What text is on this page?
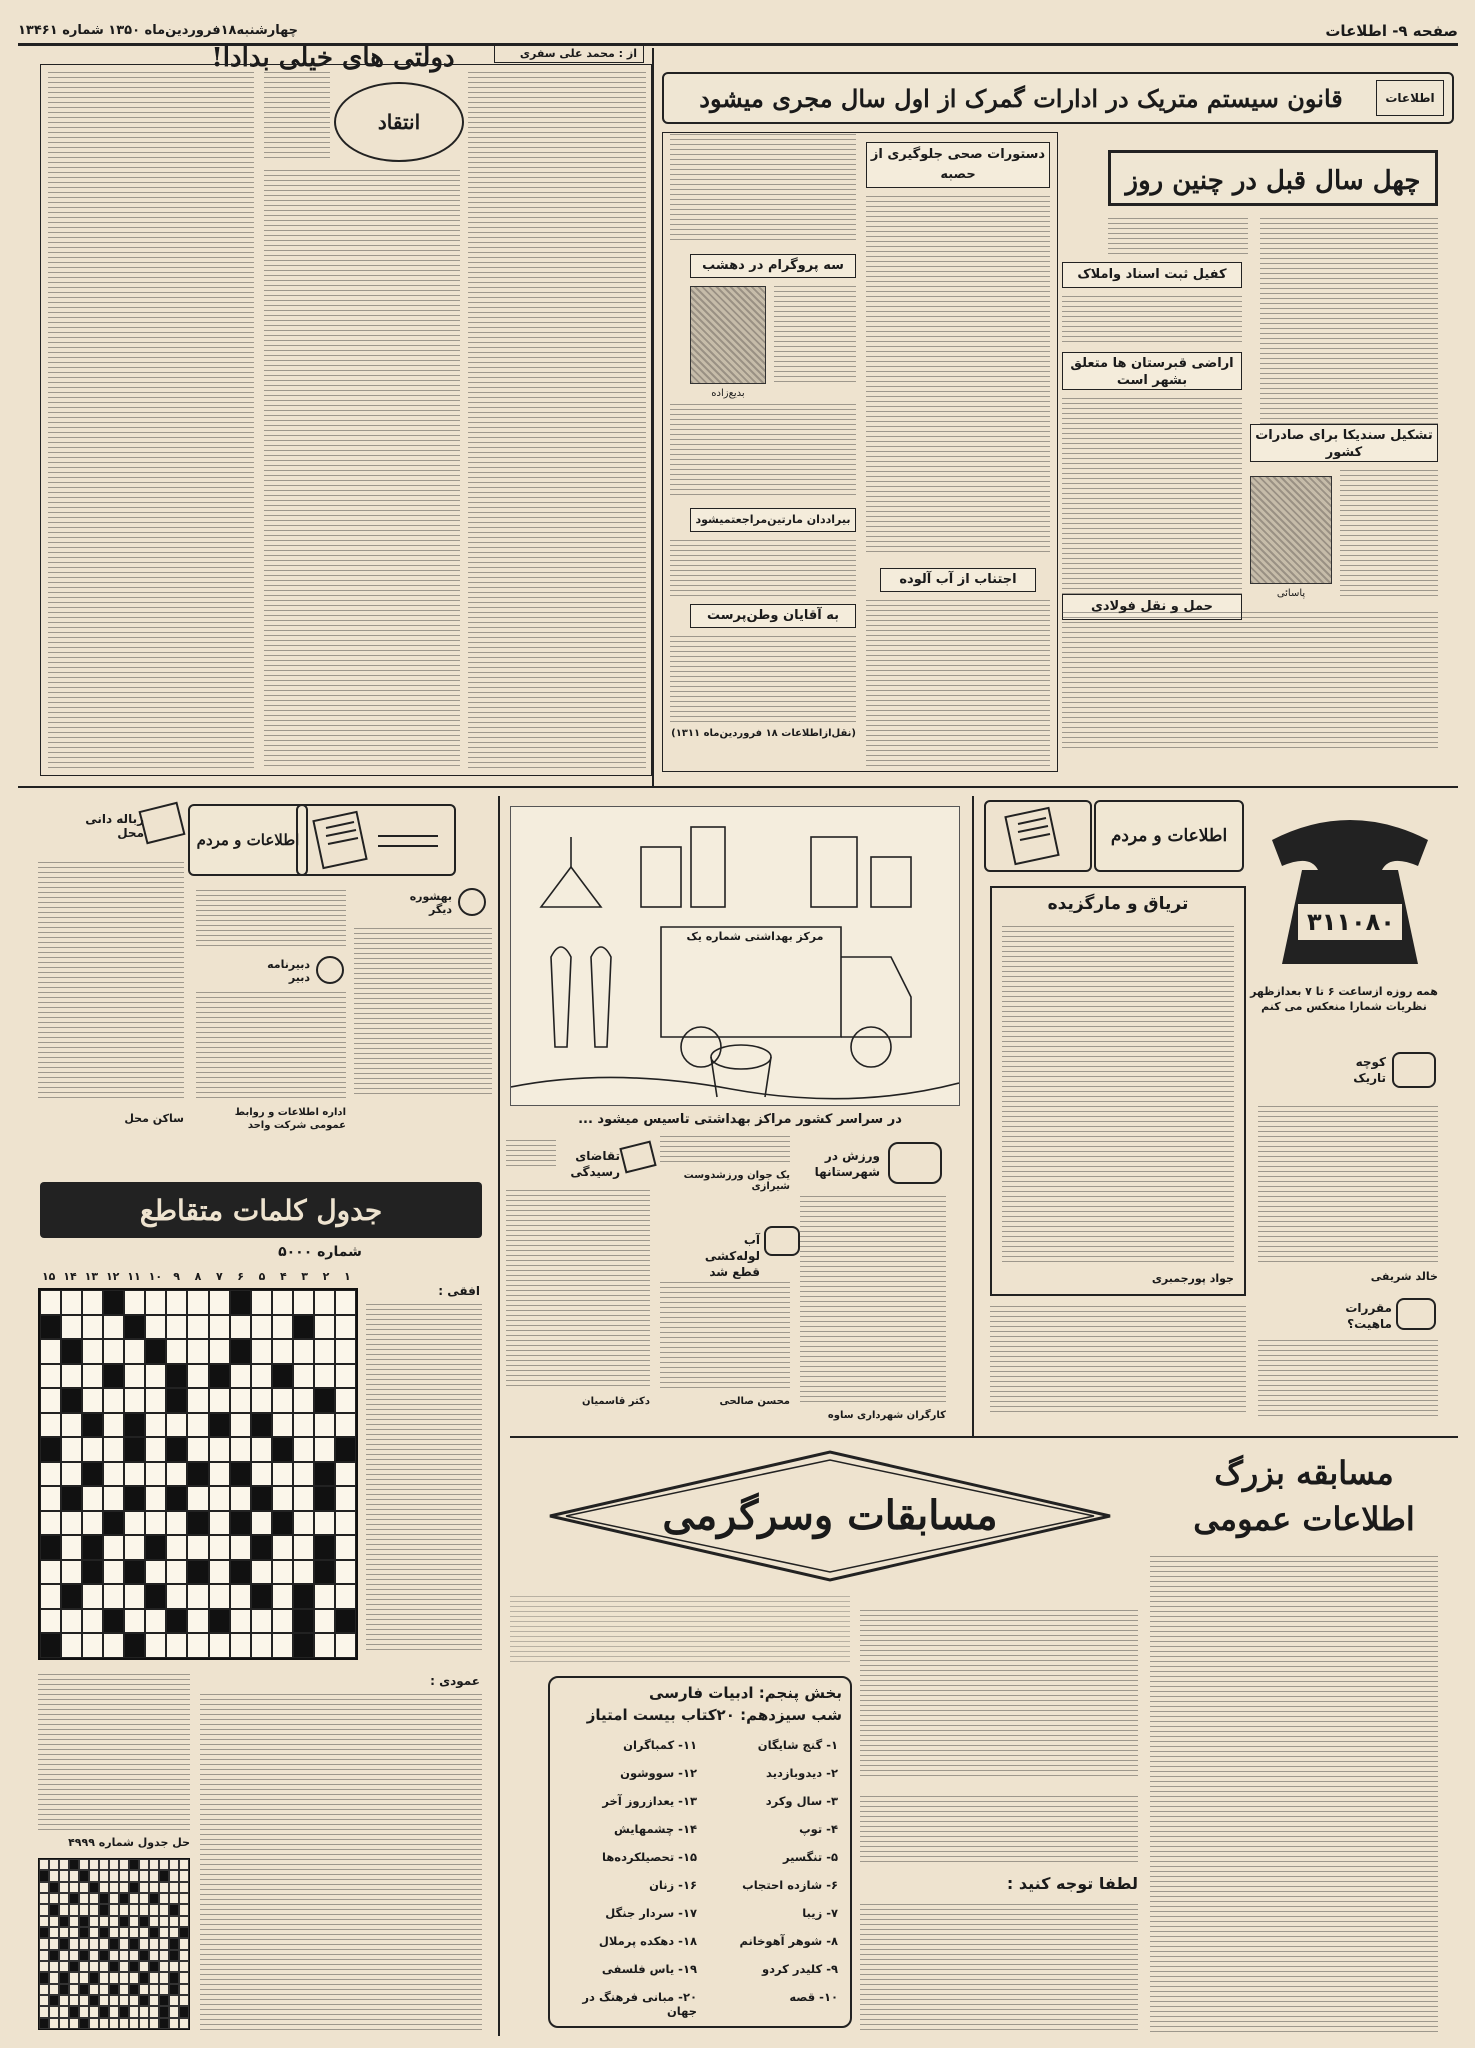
صفحه ۹- اطلاعات
چهارشنبه۱۸فروردین‌ماه ۱۳۵۰ شماره ۱۳۴۶۱
اطلاعات
قانون سیستم متریک در ادارات گمرک از اول سال مجری میشود
چهل سال قبل در چنین روز
کفیل ثبت اسناد واملاک
اراضی قبرستان ها متعلق بشهر است
تشکیل سندیکا برای صادرات کشور
پاسائی
حمل و نقل فولادی
دستورات صحی جلوگیری از حصبه
سه پروگرام در دهشب
بدیع‌زاده
بیراددان مارتین‌مراجعتمیشود
اجتناب از آب آلوده
به آقایان وطن‌پرست
(نقل‌ازاطلاعات ۱۸ فروردین‌ماه ۱۳۱۱)
دولتی های خیلی بدادا!	از : محمد علی سفری
انتقاد
اطلاعات و مردم
زباله دانی محل
ساکن محل
بهشوره دیگر
دبیرنامه دبیر
اداره اطلاعات و روابط عمومی شرکت واحد
مرکز بهداشتی شماره یک
در سراسر کشور مراکز بهداشتی تاسیس میشود ...
ورزش در شهرستانها
کارگران شهرداری ساوه
یک جوان ورزشدوست شیرازی
آب لوله‌کشی قطع شد
محسن صالحی
تقاضای رسیدگی
دکتر قاسمیان
اطلاعات و مردم
تریاق و مارگزیده
جواد پور‌جمبری
۳۱۱۰۸۰
همه روزه ازساعت ۶ تا ۷ بعدازظهر نظریات شمارا منعکس می کنم
کوچه تاریک
خالد شریفی
مقررات ماهیت؟
جدول کلمات متقاطع
شماره ۵۰۰۰
۱۵ ۱۴ ۱۳ ۱۲ ۱۱ ۱۰	۹	۸	۷	۶	۵	۴	۳	۲	۱
افقی :
عمودی :
حل جدول شماره ۴۹۹۹
مسابقه بزرگ اطلاعات عمومی
مسابقات وسرگرمی
لطفا توجه کنید :
بخش پنجم: ادبیات فارسی
شب سیزدهم: ۲۰کتاب بیست امتیاز
۱- گنج شایگان
۲- دیدوبازدید
۳- سال وکرد
۴- توپ
۵- تنگسیر
۶- شازده احتجاب
۷- زیبا
۸- شوهر آهوخانم
۹- کلیدر کردو
۱۰- قصه
۱۱- کمباگران
۱۲- سووشون
۱۳- یعدازروز آخر
۱۴- چشمهایش
۱۵- تحصیلکرده‌ها
۱۶- زنان
۱۷- سردار جنگل
۱۸- دهکده پرملال
۱۹- یاس فلسفی
۲۰- مبانی فرهنگ در جهان
